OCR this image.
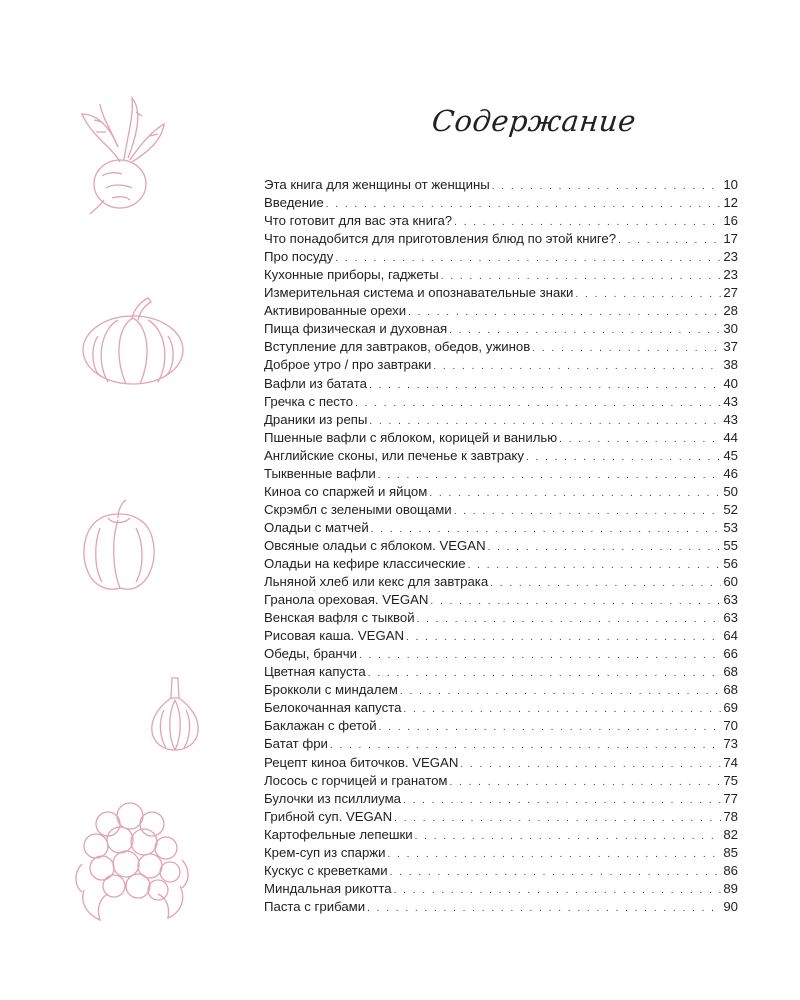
Содержание
Эта книга для женщины от женщины . . .	10
Введение . . .	12
Что готовит для вас эта книга? . . .	16
Что понадобится для приготовления блюд по этой книге? . . .	17
Про посуду . . .	23
Кухонные приборы, гаджеты . . .	23
Измерительная система и опознавательные знаки . . .	27
Активированные орехи . . .	28
Пища физическая и духовная . . .	30
Вступление для завтраков, обедов, ужинов . . .	37
Доброе утро / про завтраки . . .	38
Вафли из батата . . .	40
Гречка с песто . . .	43
Драники из репы . . .	43
Пшенные вафли с яблоком, корицей и ванилью . . .	44
Английские сконы, или печенье к завтраку . . .	45
Тыквенные вафли . . .	46
Киноа со спаржей и яйцом . . .	50
Скрэмбл с зелеными овощами . . .	52
Оладьи с матчей . . .	53
Овсяные оладьи с яблоком. VEGAN . . .	55
Оладьи на кефире классические . . .	56
Льняной хлеб или кекс для завтрака . . .	60
Гранола ореховая. VEGAN . . .	63
Венская вафля с тыквой . . .	63
Рисовая каша. VEGAN . . .	64
Обеды, бранчи . . .	66
Цветная капуста . . .	68
Брокколи с миндалем . . .	68
Белокочанная капуста . . .	69
Баклажан с фетой . . .	70
Батат фри . . .	73
Рецепт киноа биточков. VEGAN . . .	74
Лосось с горчицей и гранатом . . .	75
Булочки из псиллиума . . .	77
Грибной суп. VEGAN . . .	78
Картофельные лепешки . . .	82
Крем-суп из спаржи . . .	85
Кускус с креветками . . .	86
Миндальная рикотта . . .	89
Паста с грибами . . .	90
